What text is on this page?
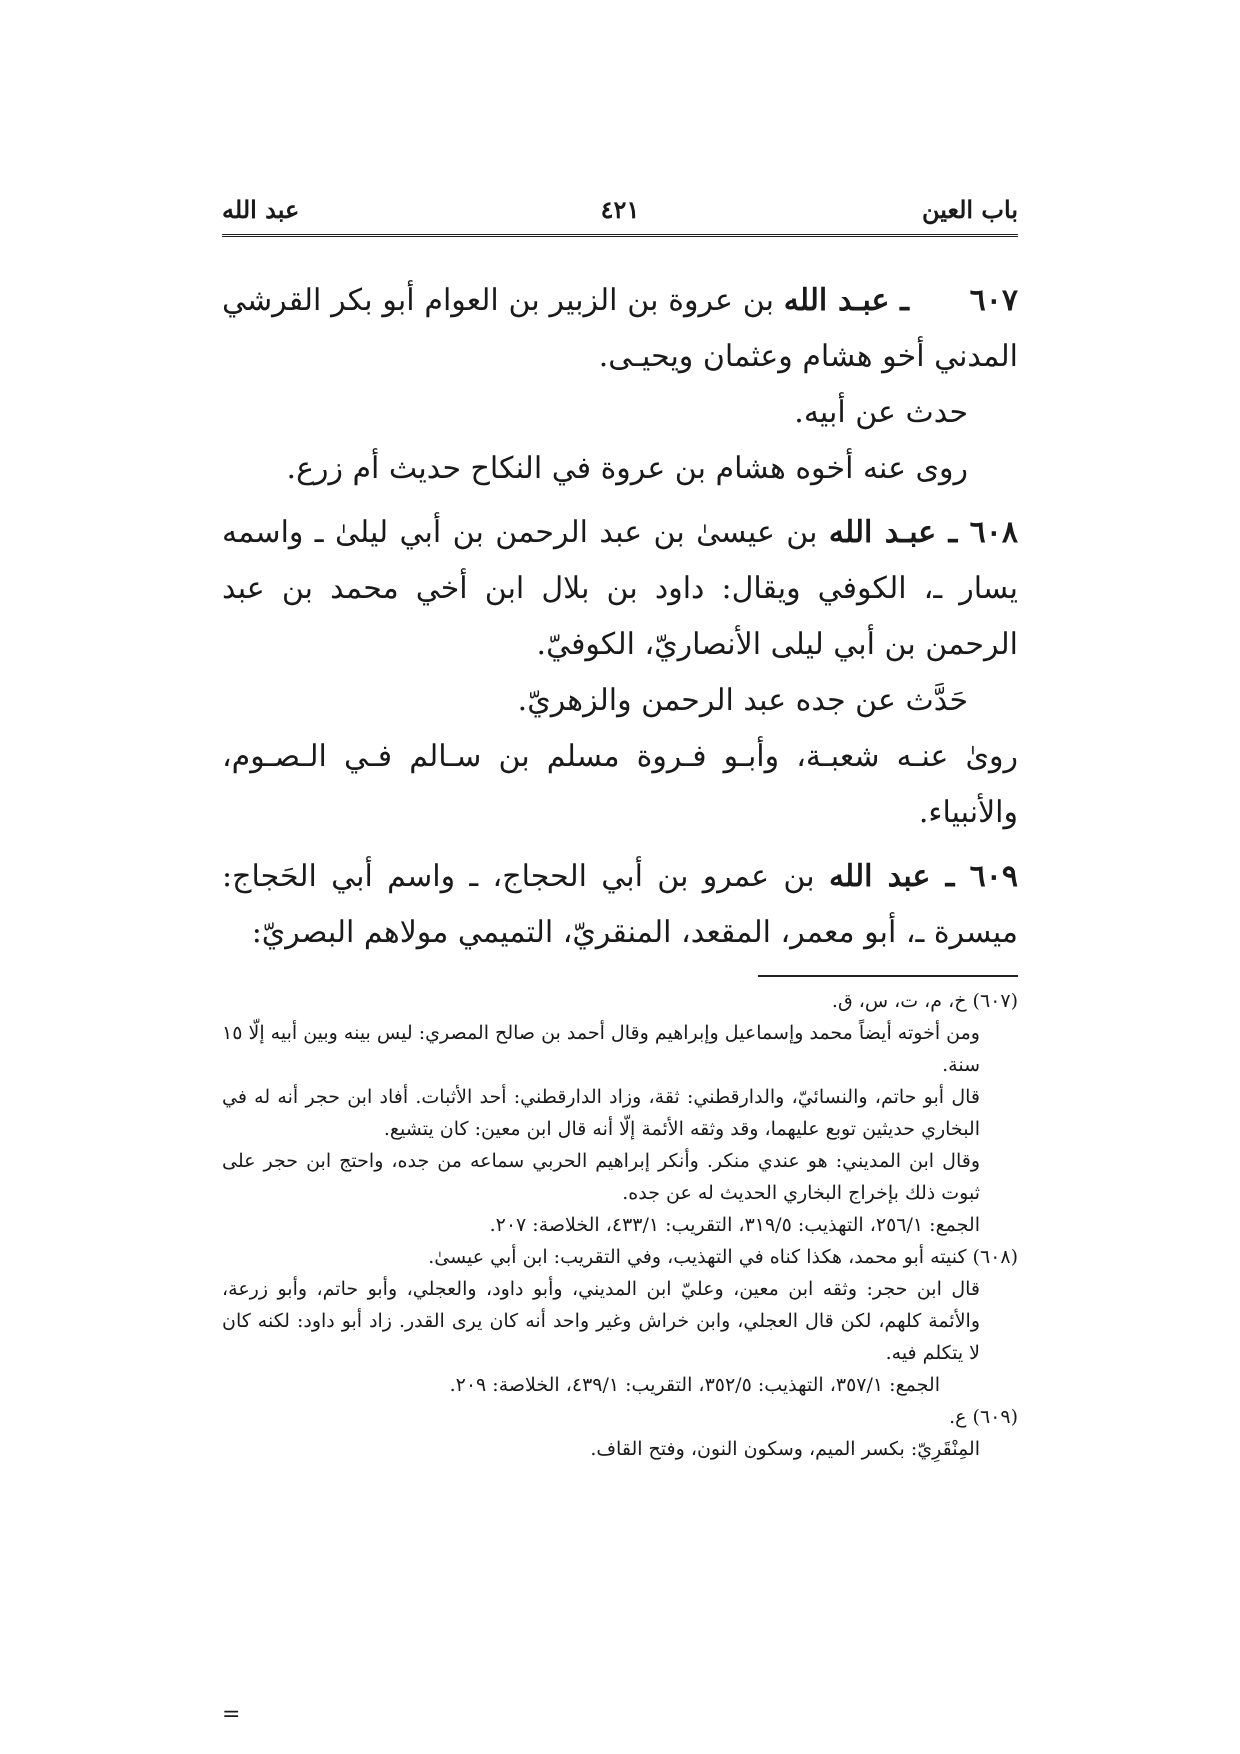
باب العين
٤٢١
عبد الله

٦٠٧ ـ عبـد الله بن عروة بن الزبير بن العوام أبو بكر القرشي المدني أخو هشام وعثمان ويحيـى.

حدث عن أبيه.

روى عنه أخوه هشام بن عروة في النكاح حديث أم زرع.

٦٠٨ ـ عبـد الله بن عيسىٰ بن عبد الرحمن بن أبي ليلىٰ ـ واسمه يسار ـ، الكوفي ويقال: داود بن بلال ابن أخي محمد بن عبد الرحمن بن أبي ليلى الأنصاريّ، الكوفيّ.

حَدَّث عن جده عبد الرحمن والزهريّ.

روىٰ عنـه شعبـة، وأبـو فـروة مسلم بن سـالم فـي الـصـوم، والأنبياء.

٦٠٩ ـ عبد الله بن عمرو بن أبي الحجاج، ـ واسم أبي الحَجاج: ميسرة ـ، أبو معمر، المقعد، المنقريّ، التميمي مولاهم البصريّ:

(٦٠٧) خ، م، ت، س، ق.

ومن أخوته أيضاً محمد وإسماعيل وإبراهيم وقال أحمد بن صالح المصري: ليس بينه وبين أبيه إلّا ١٥ سنة.

قال أبو حاتم، والنسائيّ، والدارقطني: ثقة، وزاد الدارقطني: أحد الأثبات. أفاد ابن حجر أنه له في البخاري حديثين توبع عليهما، وقد وثقه الأئمة إلّا أنه قال ابن معين: كان يتشيع.

وقال ابن المديني: هو عندي منكر. وأنكر إبراهيم الحربي سماعه من جده، واحتج ابن حجر على ثبوت ذلك بإخراج البخاري الحديث له عن جده.

الجمع: ٢٥٦/١، التهذيب: ٣١٩/٥، التقريب: ٤٣٣/١، الخلاصة: ٢٠٧.

(٦٠٨) كنيته أبو محمد، هكذا كناه في التهذيب، وفي التقريب: ابن أبي عيسىٰ.

قال ابن حجر: وثقه ابن معين، وعليّ ابن المديني، وأبو داود، والعجلي، وأبو حاتم، وأبو زرعة، والأئمة كلهم، لكن قال العجلي، وابن خراش وغير واحد أنه كان يرى القدر. زاد أبو داود: لكنه كان لا يتكلم فيه.

الجمع: ٣٥٧/١، التهذيب: ٣٥٢/٥، التقريب: ٤٣٩/١، الخلاصة: ٢٠٩.

(٦٠٩) ع.

المِنْقَرِيّ: بكسر الميم، وسكون النون، وفتح القاف.

=
